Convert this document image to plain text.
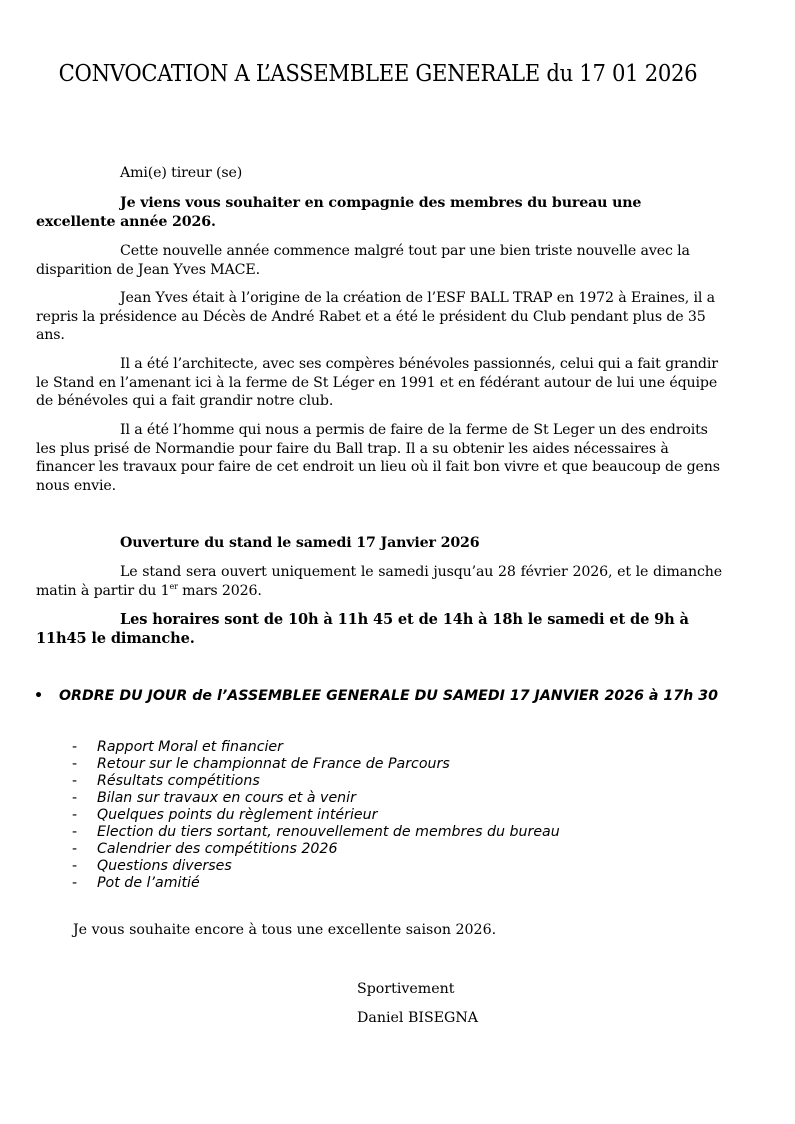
CONVOCATION A L’ASSEMBLEE GENERALE du 17 01 2026

Ami(e) tireur (se)

Je viens vous souhaiter en compagnie des membres du bureau une excellente année 2026.

Cette nouvelle année commence malgré tout par une bien triste nouvelle avec la disparition de Jean Yves MACE.

Jean Yves était à l’origine de la création de l’ESF BALL TRAP en 1972 à Eraines, il a repris la présidence au Décès de André Rabet et a été le président du Club pendant plus de 35 ans.

Il a été l’architecte, avec ses compères bénévoles passionnés, celui qui a fait grandir le Stand en l’amenant ici à la ferme de St Léger en 1991 et en fédérant autour de lui une équipe de bénévoles qui a fait grandir notre club.

Il a été l’homme qui nous a permis de faire de la ferme de St Leger un des endroits les plus prisé de Normandie pour faire du Ball trap. Il a su obtenir les aides nécessaires à financer les travaux pour faire de cet endroit un lieu où il fait bon vivre et que beaucoup de gens nous envie.

Ouverture du stand le samedi 17 Janvier 2026

Le stand sera ouvert uniquement le samedi jusqu’au 28 février 2026, et le dimanche matin à partir du 1er mars 2026.

Les horaires sont de 10h à 11h 45 et de 14h à 18h le samedi et de 9h à 11h45 le dimanche.

• ORDRE DU JOUR de l’ASSEMBLEE GENERALE DU SAMEDI 17 JANVIER 2026 à 17h 30
- Rapport Moral et financier
- Retour sur le championnat de France de Parcours
- Résultats compétitions
- Bilan sur travaux en cours et à venir
- Quelques points du règlement intérieur
- Election du tiers sortant, renouvellement de membres du bureau
- Calendrier des compétitions 2026
- Questions diverses
- Pot de l’amitié
Je vous souhaite encore à tous une excellente saison 2026.
Sportivement
Daniel BISEGNA
